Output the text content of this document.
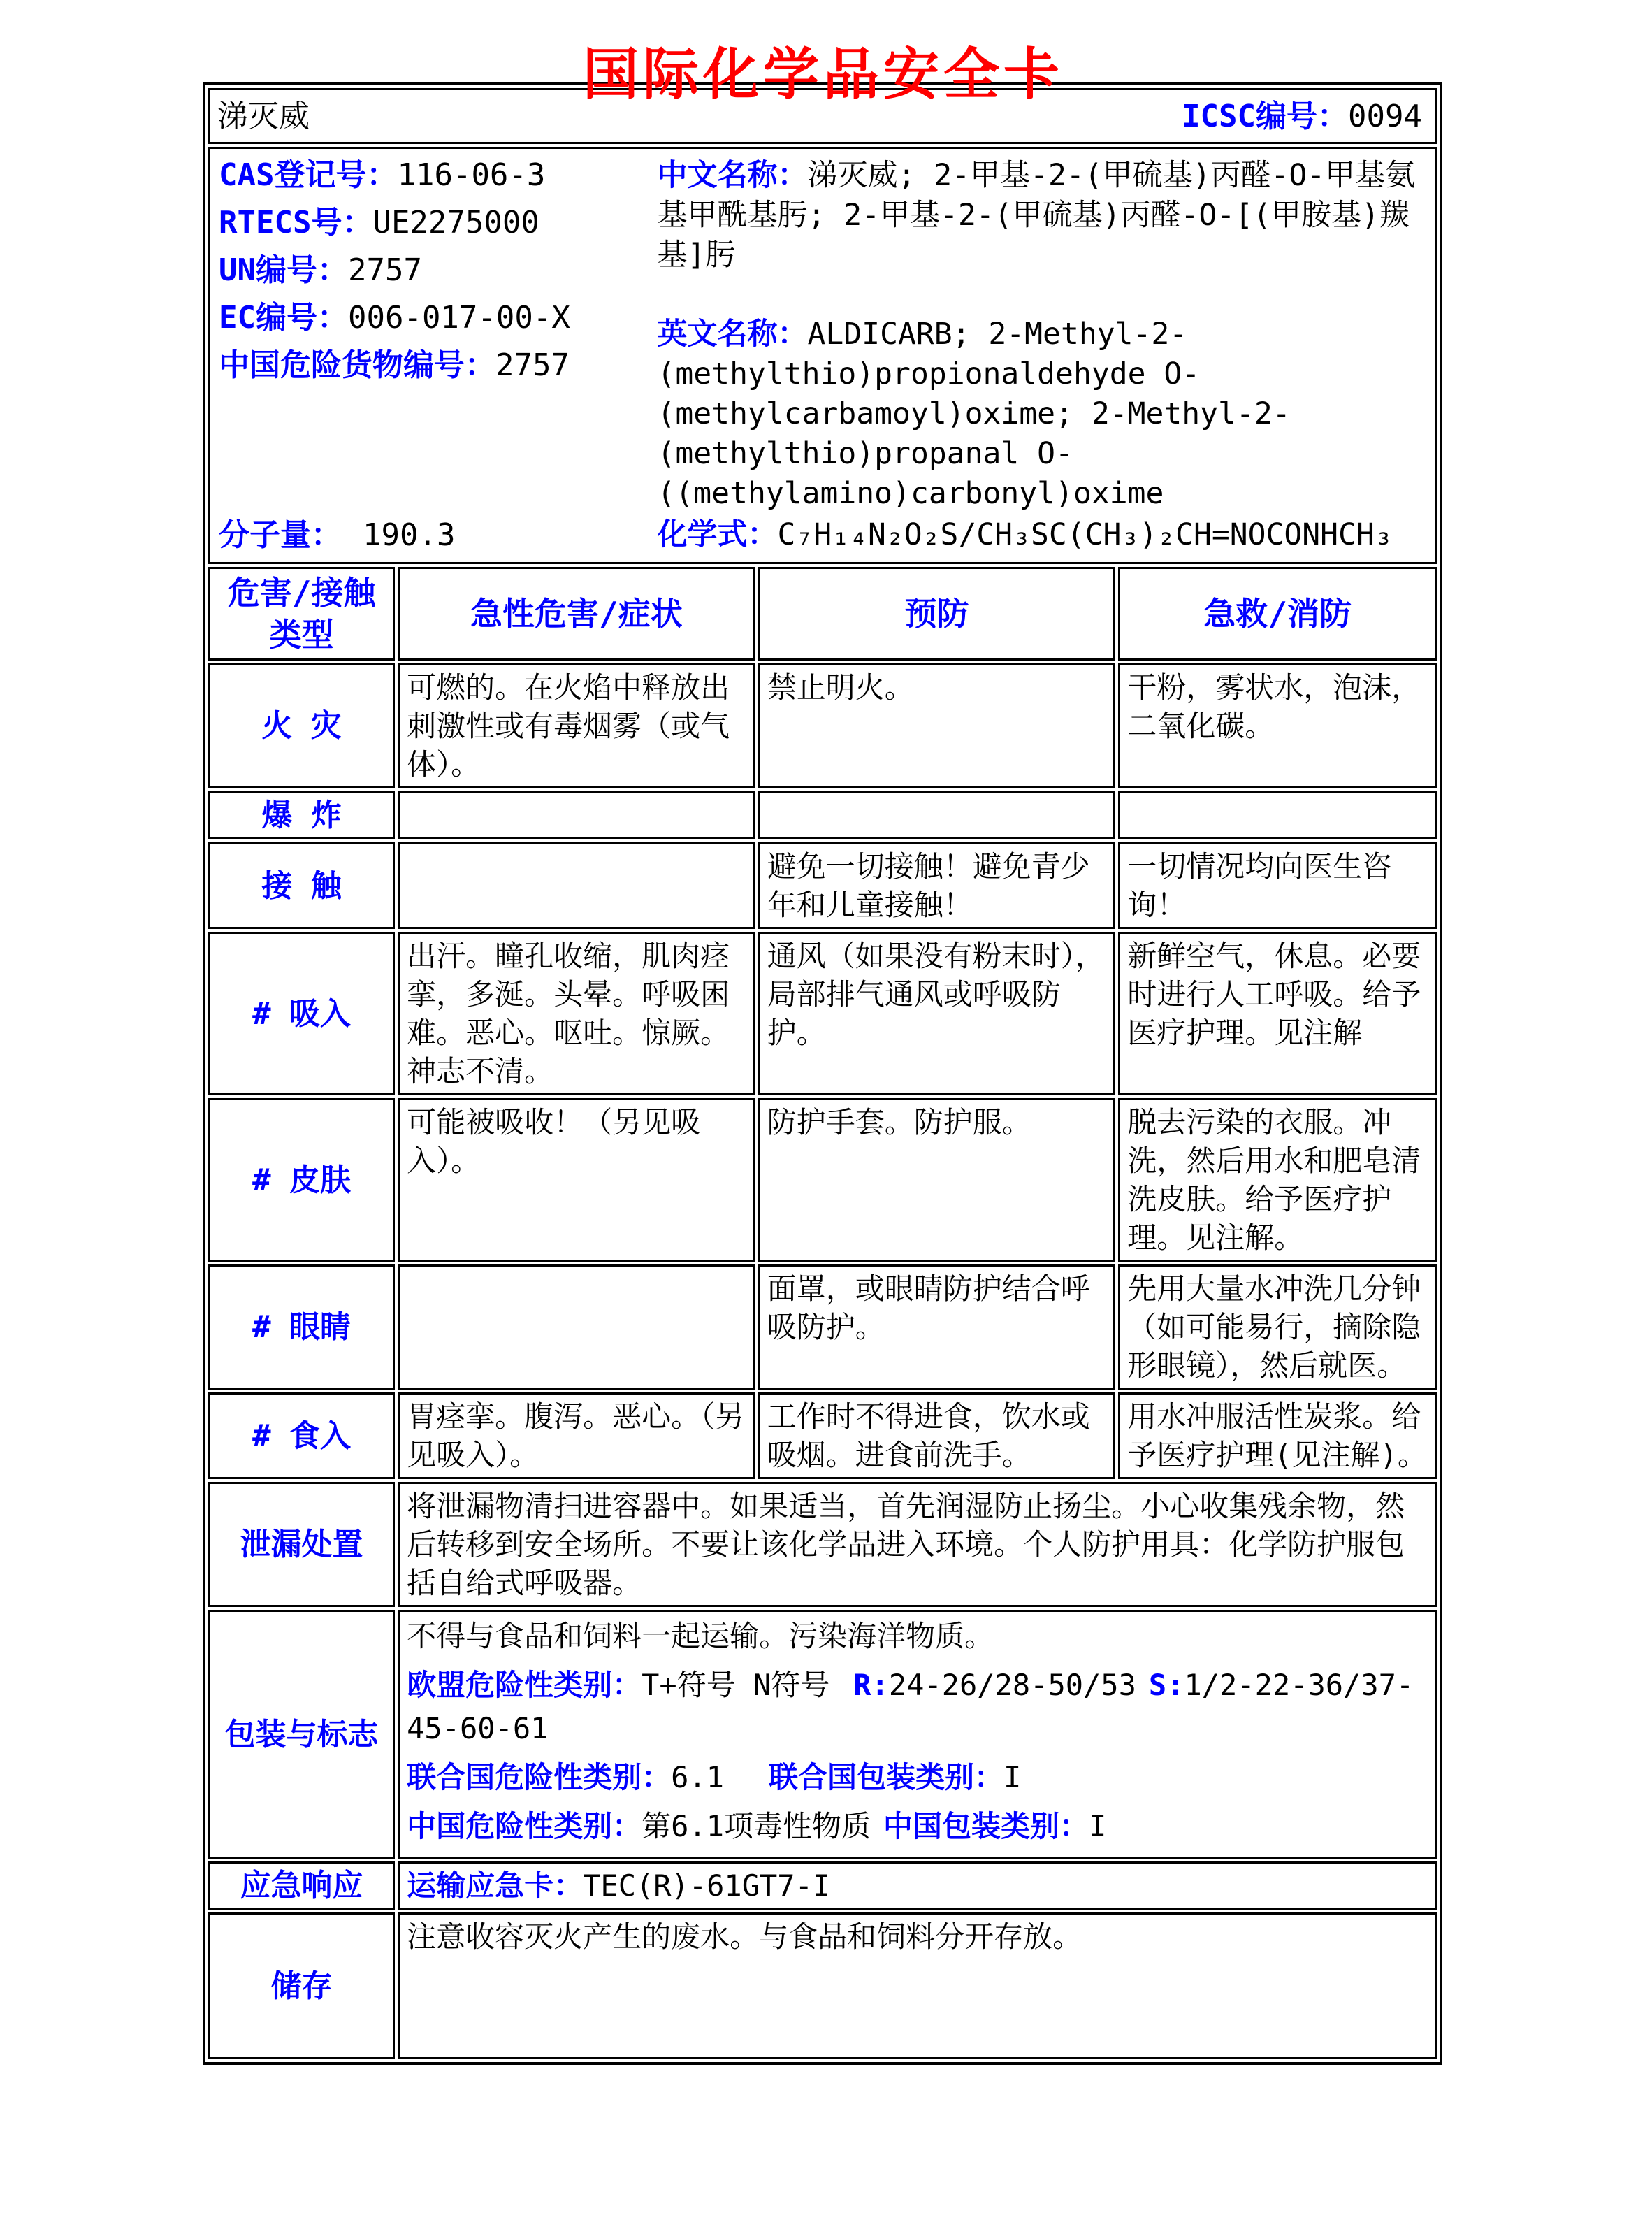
国际化学品安全卡
涕灭威 ICSC编号：0094			

CAS登记号：116-06-3

RTECS号：UE2275000

UN编号：2757

EC编号：006-017-00-X

中国危险货物编号：2757

分子量： 190.3

中文名称：涕灭威; 2-甲基-2-(甲硫基)丙醛-O-甲基氨基甲酰基肟; 2-甲基-2-(甲硫基)丙醛-O-[(甲胺基)羰基]肟

英文名称：ALDICARB; 2-Methyl-2-(methylthio)propionaldehyde O-(methylcarbamoyl)oxime; 2-Methyl-2-(methylthio)propanal O-((methylamino)carbonyl)oxime

化学式：C₇H₁₄N₂O₂S/CH₃SC(CH₃)₂CH=NOCONHCH₃

危害/接触
类型	急性危害/症状	预防	急救/消防
火 灾	可燃的。在火焰中释放出刺激性或有毒烟雾（或气体）。	禁止明火。	干粉，雾状水，泡沫，二氧化碳。
爆 炸			
接 触		避免一切接触！避免青少年和儿童接触！	一切情况均向医生咨询！
# 吸入	出汗。瞳孔收缩，肌肉痉挛，多涎。头晕。呼吸困难。恶心。呕吐。惊厥。神志不清。	通风（如果没有粉末时），局部排气通风或呼吸防护。	新鲜空气，休息。必要时进行人工呼吸。给予医疗护理。见注解
# 皮肤	可能被吸收！（另见吸入）。	防护手套。防护服。	脱去污染的衣服。冲洗，然后用水和肥皂清洗皮肤。给予医疗护理。见注解。
# 眼睛		面罩，或眼睛防护结合呼吸防护。	先用大量水冲洗几分钟（如可能易行，摘除隐形眼镜），然后就医。
# 食入	胃痉挛。腹泻。恶心。（另见吸入）。	工作时不得进食，饮水或吸烟。进食前洗手。	用水冲服活性炭浆。给予医疗护理(见注解)。
泄漏处置	将泄漏物清扫进容器中。如果适当，首先润湿防止扬尘。小心收集残余物，然后转移到安全场所。不要让该化学品进入环境。个人防护用具：化学防护服包括自给式呼吸器。		
包装与标志	不得与食品和饲料一起运输。污染海洋物质。

欧盟危险性类别：T+符号 N符号 R:24-26/28-50/53 S:1/2-22-36/37-45-60-61

联合国危险性类别：6.1 联合国包装类别：I

中国危险性类别：第6.1项毒性物质 中国包装类别：I		

应急响应	运输应急卡：TEC(R)-61GT7-I		
储存	注意收容灭火产生的废水。与食品和饲料分开存放。		
